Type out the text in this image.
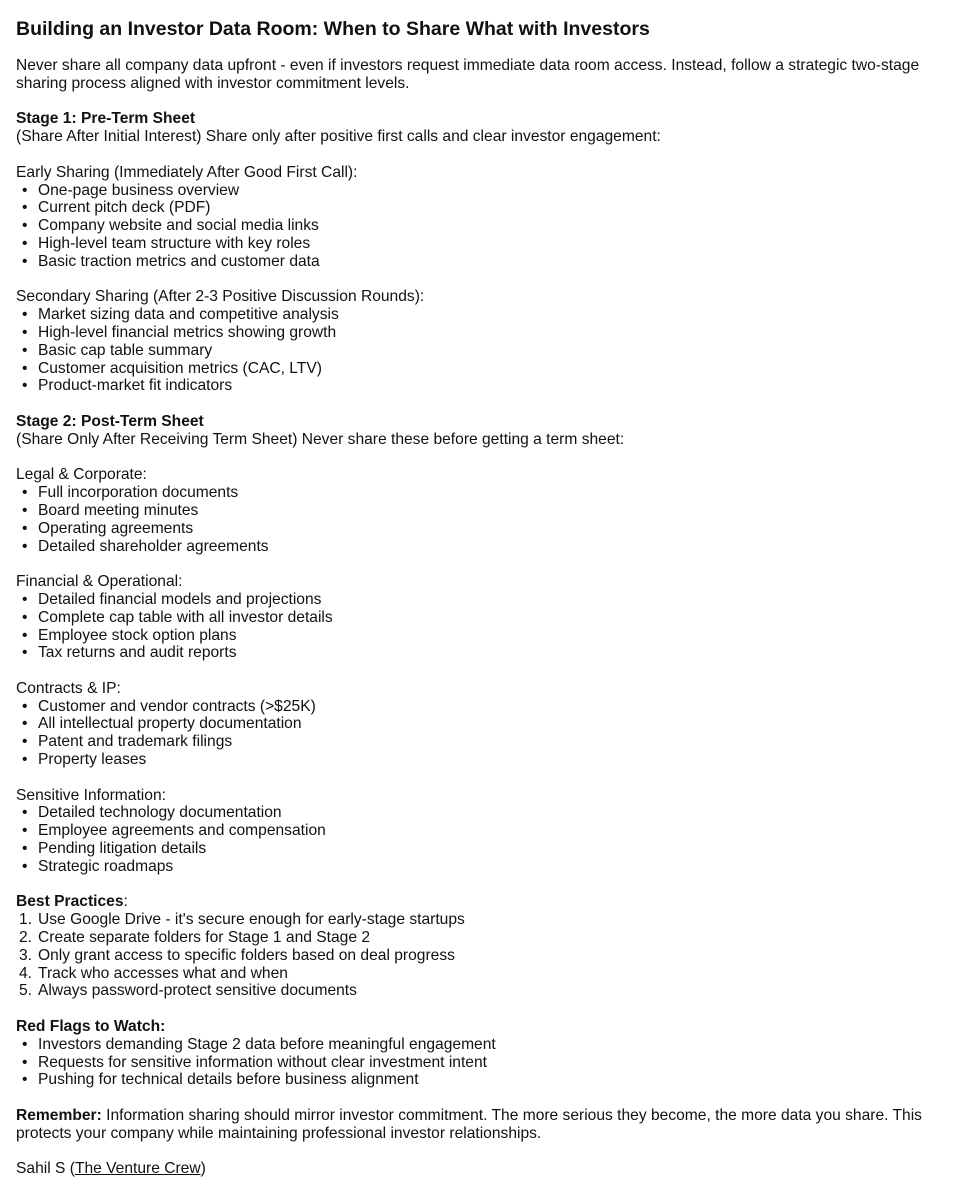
Building an Investor Data Room: When to Share What with Investors

Never share all company data upfront - even if investors request immediate data room access. Instead, follow a strategic two-stage sharing process aligned with investor commitment levels.

Stage 1: Pre-Term Sheet

(Share After Initial Interest) Share only after positive first calls and clear investor engagement:

Early Sharing (Immediately After Good First Call):

• One-page business overview
• Current pitch deck (PDF)
• Company website and social media links
• High-level team structure with key roles
• Basic traction metrics and customer data

Secondary Sharing (After 2-3 Positive Discussion Rounds):

• Market sizing data and competitive analysis
• High-level financial metrics showing growth
• Basic cap table summary
• Customer acquisition metrics (CAC, LTV)
• Product-market fit indicators

Stage 2: Post-Term Sheet

(Share Only After Receiving Term Sheet) Never share these before getting a term sheet:

Legal & Corporate:

• Full incorporation documents
• Board meeting minutes
• Operating agreements
• Detailed shareholder agreements

Financial & Operational:

• Detailed financial models and projections
• Complete cap table with all investor details
• Employee stock option plans
• Tax returns and audit reports

Contracts & IP:

• Customer and vendor contracts (>$25K)
• All intellectual property documentation
• Patent and trademark filings
• Property leases

Sensitive Information:

• Detailed technology documentation
• Employee agreements and compensation
• Pending litigation details
• Strategic roadmaps

Best Practices:

1. Use Google Drive - it's secure enough for early-stage startups
2. Create separate folders for Stage 1 and Stage 2
3. Only grant access to specific folders based on deal progress
4. Track who accesses what and when
5. Always password-protect sensitive documents

Red Flags to Watch:

• Investors demanding Stage 2 data before meaningful engagement
• Requests for sensitive information without clear investment intent
• Pushing for technical details before business alignment

Remember: Information sharing should mirror investor commitment. The more serious they become, the more data you share. This protects your company while maintaining professional investor relationships.

Sahil S (The Venture Crew)
